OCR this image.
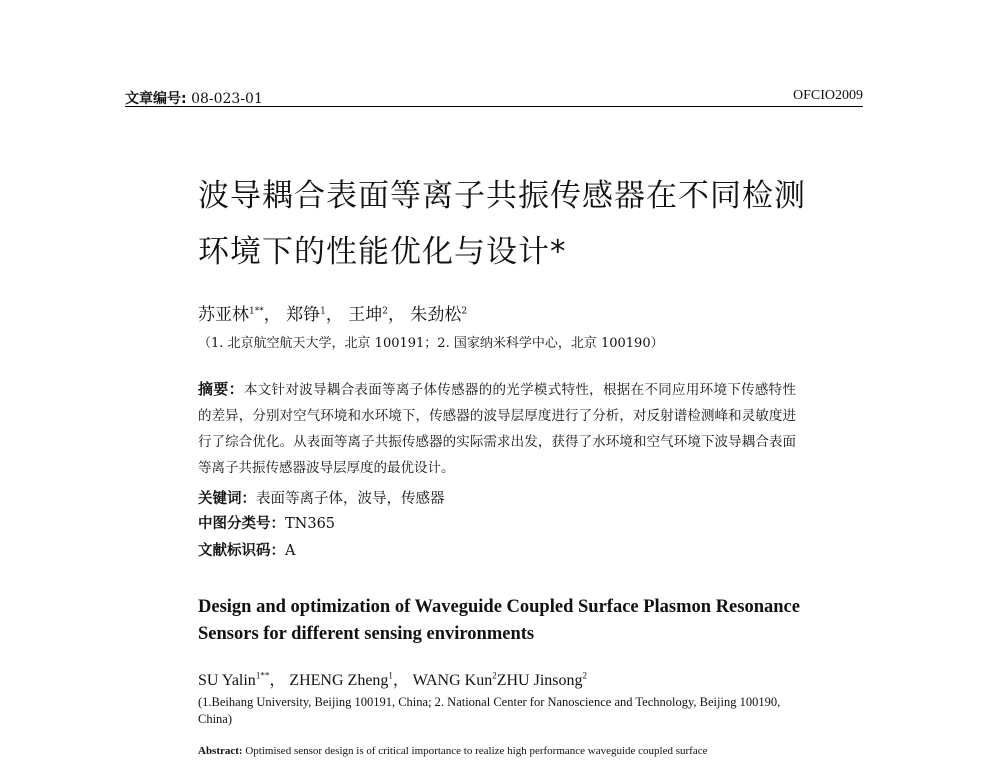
文章编号: 08-023-01	OFCIO2009
波导耦合表面等离子共振传感器在不同检测
环境下的性能优化与设计*
苏亚林$^{1**}$， 郑铮$^1$， 王坤$^2$， 朱劲松$^2$
（1. 北京航空航天大学，北京 100191；2. 国家纳米科学中心，北京 100190）
摘要：本文针对波导耦合表面等离子体传感器的的光学模式特性，根据在不同应用环境下传感特性的差异，分别对空气环境和水环境下，传感器的波导层厚度进行了分析，对反射谱检测峰和灵敏度进行了综合优化。从表面等离子共振传感器的实际需求出发，获得了水环境和空气环境下波导耦合表面等离子共振传感器波导层厚度的最优设计。
关键词：表面等离子体，波导，传感器
中图分类号：TN365
文献标识码：A
Design and optimization of Waveguide Coupled Surface Plasmon Resonance Sensors for different sensing environments
SU Yalin$^{1**}$， ZHENG Zheng$^1$， WANG Kun$^2$ZHU Jinsong$^2$
(1.Beihang University, Beijing 100191, China; 2. National Center for Nanoscience and Technology, Beijing 100190, China)
Abstract: Optimised sensor design is of critical importance to realize high performance waveguide coupled surface
